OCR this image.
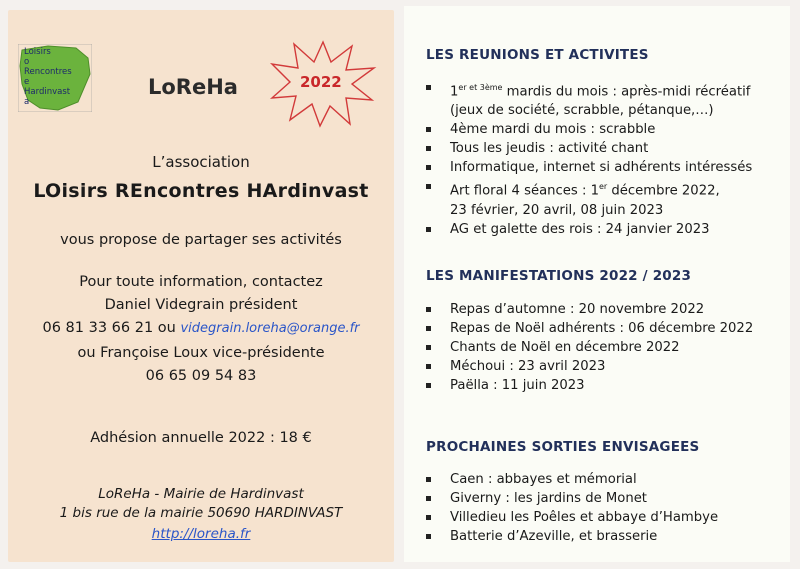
Loisirs
o
Rencontres
e
Hardinvast
a
LoReHa	2022
L’association
LOisirs REncontres HArdinvast
vous propose de partager ses activités
Pour toute information, contactez
Daniel Videgrain président
06 81 33 66 21 ou videgrain.loreha@orange.fr
ou Françoise Loux vice-présidente
06 65 09 54 83
Adhésion annuelle 2022 : 18 €
LoReHa - Mairie de Hardinvast
1 bis rue de la mairie 50690 HARDINVAST
http://loreha.fr
LES REUNIONS ET ACTIVITES
$1^{er et 3ème}$ mardis du mois : après-midi récréatif
(jeux de société, scrabble, pétanque,…)
4ème mardi du mois : scrabble
Tous les jeudis : activité chant
Informatique, internet si adhérents intéressés
Art floral 4 séances : 1er décembre 2022,
23 février, 20 avril, 08 juin 2023
AG et galette des rois : 24 janvier 2023
LES MANIFESTATIONS 2022 / 2023
Repas d’automne : 20 novembre 2022
Repas de Noël adhérents : 06 décembre 2022
Chants de Noël en décembre 2022
Méchoui : 23 avril 2023
Paëlla : 11 juin 2023
PROCHAINES SORTIES ENVISAGEES
Caen : abbayes et mémorial
Giverny : les jardins de Monet
Villedieu les Poêles et abbaye d’Hambye
Batterie d’Azeville, et brasserie
